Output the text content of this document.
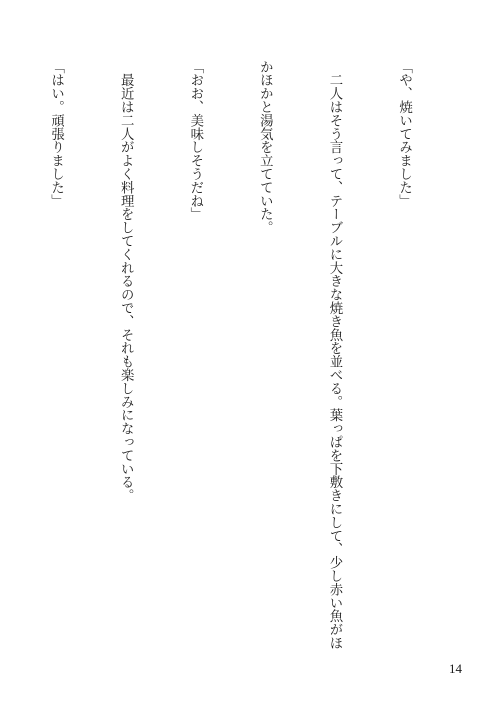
「や、焼いてみました」

　二人はそう言って、テーブルに大きな焼き魚を並べる。葉っぱを下敷きにして、少し赤い魚がほ

かほかと湯気を立てていた。

「おお、美味しそうだね」

　最近は二人がよく料理をしてくれるので、それも楽しみになっている。

「はい。頑張りました」

14
